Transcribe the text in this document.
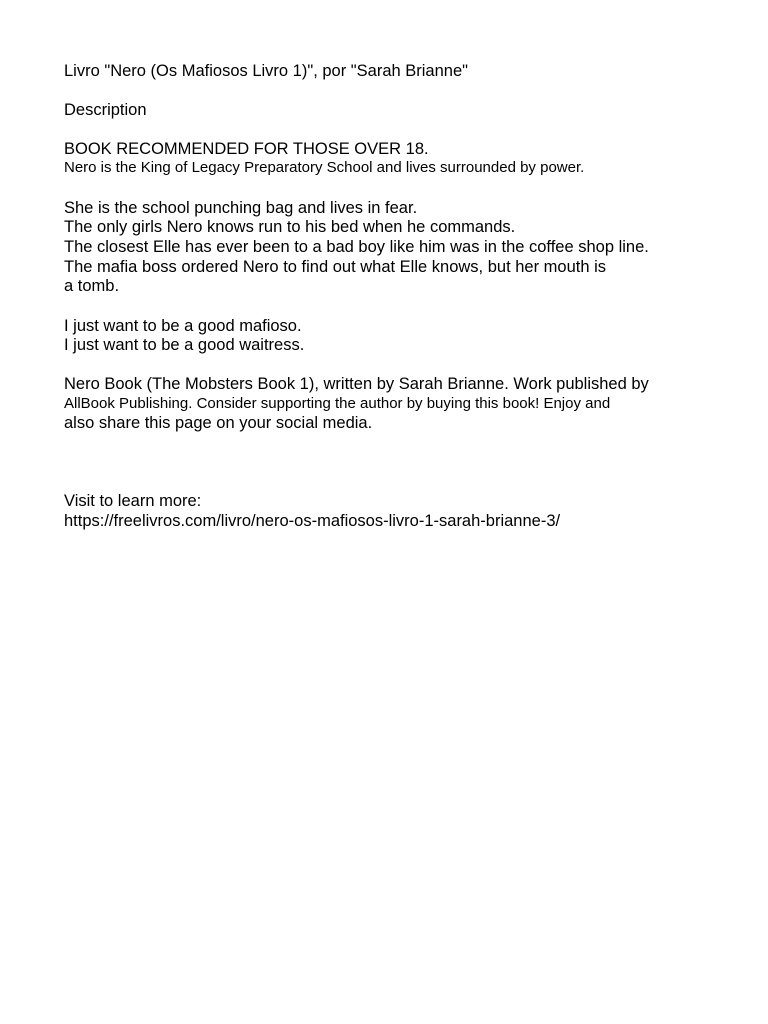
Livro "Nero (Os Mafiosos Livro 1)", por "Sarah Brianne"
Description
BOOK RECOMMENDED FOR THOSE OVER 18.
Nero is the King of Legacy Preparatory School and lives surrounded by power.
She is the school punching bag and lives in fear.
The only girls Nero knows run to his bed when he commands.
The closest Elle has ever been to a bad boy like him was in the coffee shop line.
The mafia boss ordered Nero to find out what Elle knows, but her mouth is
a tomb.
I just want to be a good mafioso.
I just want to be a good waitress.
Nero Book (The Mobsters Book 1), written by Sarah Brianne. Work published by
AllBook Publishing. Consider supporting the author by buying this book! Enjoy and
also share this page on your social media.
Visit to learn more:
https://freelivros.com/livro/nero-os-mafiosos-livro-1-sarah-brianne-3/
